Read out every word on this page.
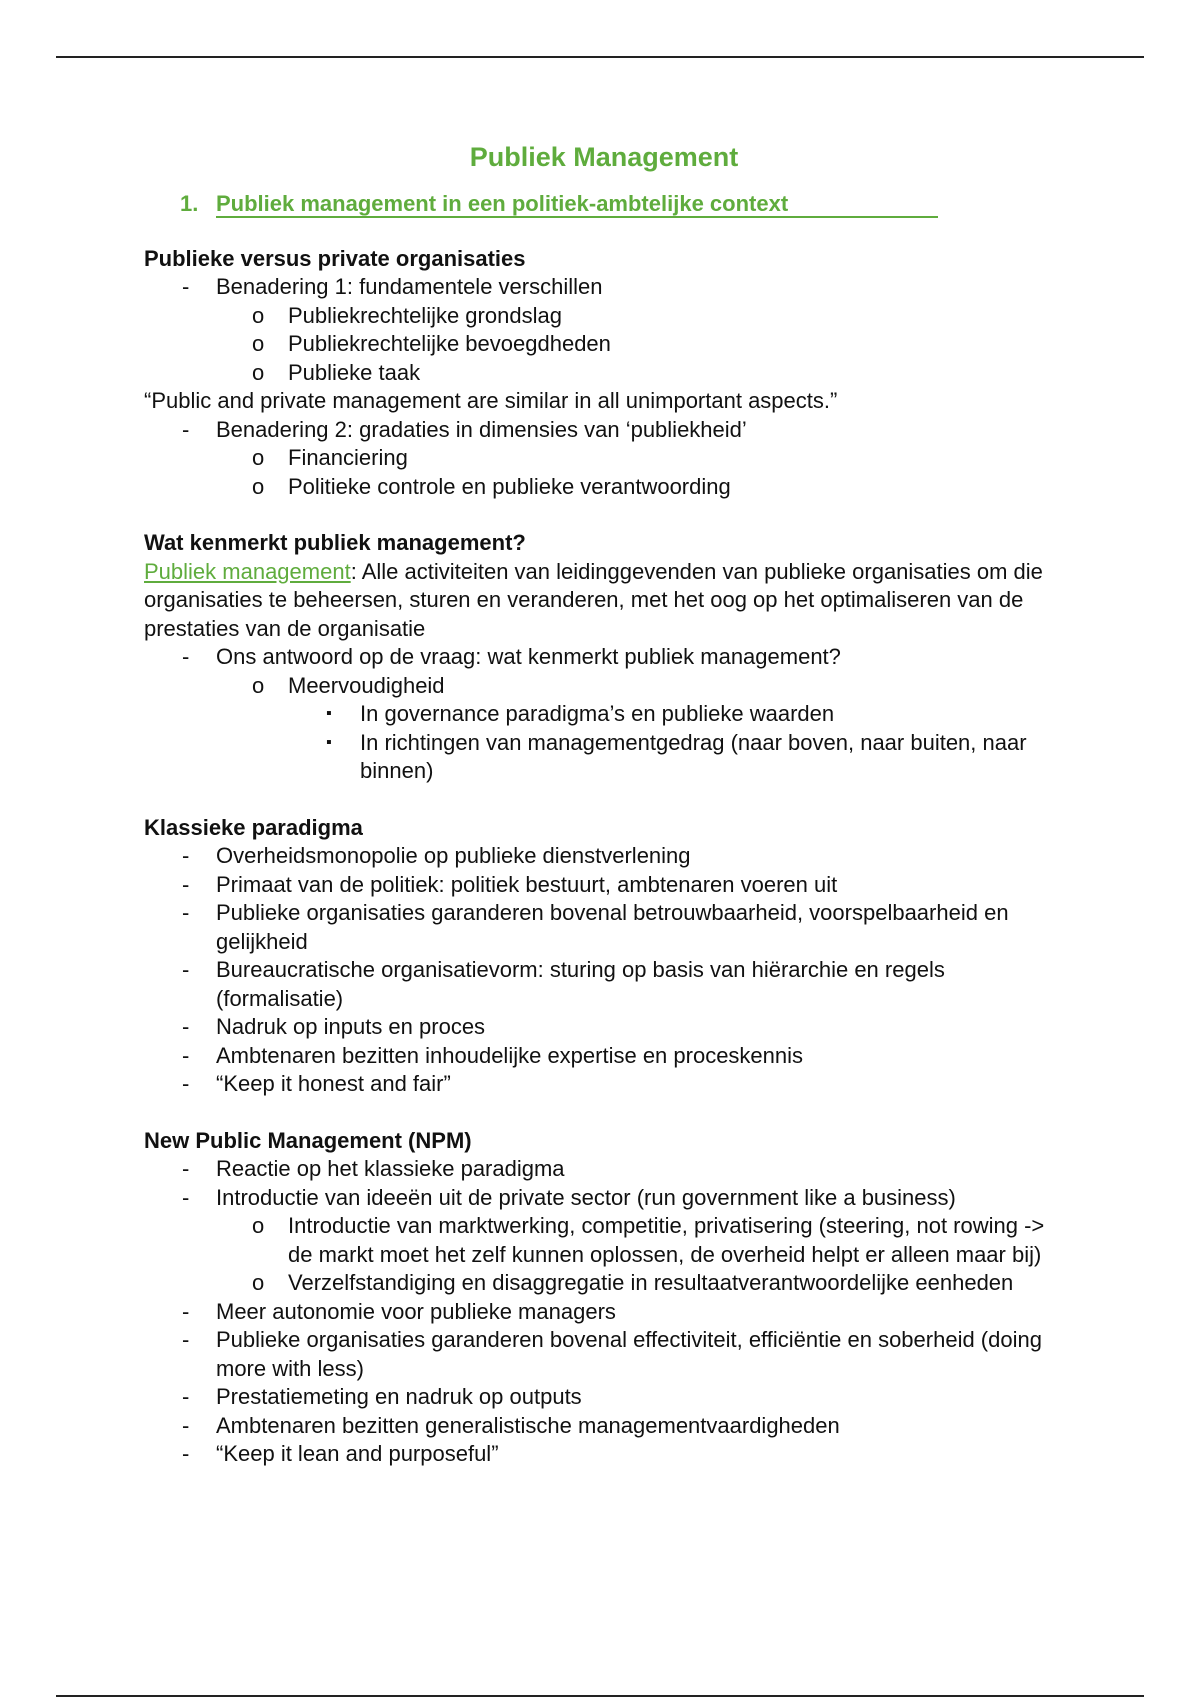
Publiek Management
1. Publiek management in een politiek-ambtelijke context
Publieke versus private organisaties
-
Benadering 1: fundamentele verschillen
o
Publiekrechtelijke grondslag
o
Publiekrechtelijke bevoegdheden
o
Publieke taak

“Public and private management are similar in all unimportant aspects.”

-
Benadering 2: gradaties in dimensies van ‘publiekheid’
o
Financiering
o
Politieke controle en publieke verantwoording
Wat kenmerkt publiek management?

Publiek management: Alle activiteiten van leidinggevenden van publieke organisaties om die organisaties te beheersen, sturen en veranderen, met het oog op het optimaliseren van de prestaties van de organisatie

-
Ons antwoord op de vraag: wat kenmerkt publiek management?
o
Meervoudigheid
▪
In governance paradigma’s en publieke waarden
▪
In richtingen van managementgedrag (naar boven, naar buiten, naar binnen)
Klassieke paradigma
-
Overheidsmonopolie op publieke dienstverlening
-
Primaat van de politiek: politiek bestuurt, ambtenaren voeren uit
-
Publieke organisaties garanderen bovenal betrouwbaarheid, voorspelbaarheid en gelijkheid
-
Bureaucratische organisatievorm: sturing op basis van hiërarchie en regels (formalisatie)
-
Nadruk op inputs en proces
-
Ambtenaren bezitten inhoudelijke expertise en proceskennis
-
“Keep it honest and fair”
New Public Management (NPM)
-
Reactie op het klassieke paradigma
-
Introductie van ideeën uit de private sector (run government like a business)
o
Introductie van marktwerking, competitie, privatisering (steering, not rowing -> de markt moet het zelf kunnen oplossen, de overheid helpt er alleen maar bij)
o
Verzelfstandiging en disaggregatie in resultaatverantwoordelijke eenheden
-
Meer autonomie voor publieke managers
-
Publieke organisaties garanderen bovenal effectiviteit, efficiëntie en soberheid (doing more with less)
-
Prestatiemeting en nadruk op outputs
-
Ambtenaren bezitten generalistische managementvaardigheden
-
“Keep it lean and purposeful”
